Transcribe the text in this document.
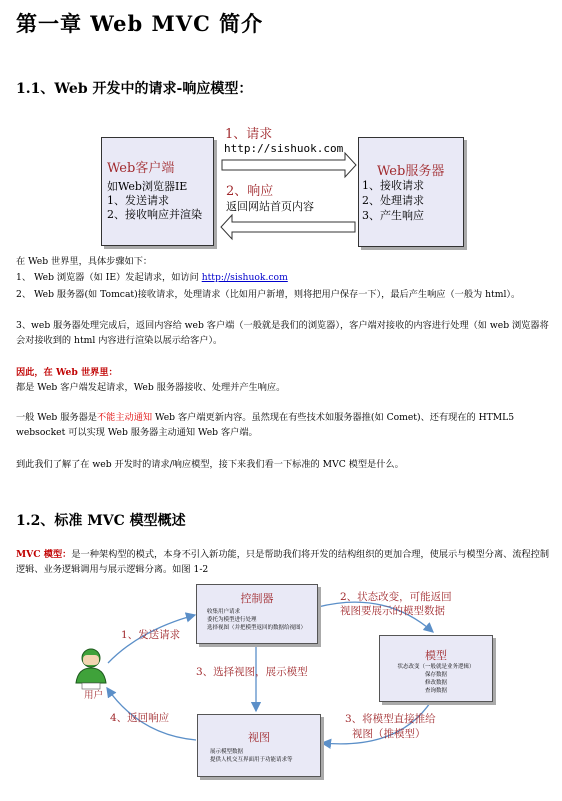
第一章 Web MVC 简介
1.1、Web 开发中的请求-响应模型：
Web客户端
如Web浏览器IE
1、发送请求
2、接收响应并渲染
Web服务器
1、接收请求
2、处理请求
3、产生响应
1、请求
http://sishuok.com
2、响应
返回网站首页内容
在 Web 世界里，具体步骤如下：
1、 Web 浏览器（如 IE）发起请求，如访问 http://sishuok.com
2、 Web 服务器(如 Tomcat)接收请求，处理请求（比如用户新增，则将把用户保存一下），最后产生响应（一般为 html）。
3、web 服务器处理完成后，返回内容给 web 客户端（一般就是我们的浏览器），客户端对接收的内容进行处理（如 web 浏览器将会对接收到的 html 内容进行渲染以展示给客户）。
因此，在 Web 世界里：
都是 Web 客户端发起请求，Web 服务器接收、处理并产生响应。
一般 Web 服务器是不能主动通知 Web 客户端更新内容。虽然现在有些技术如服务器推(如 Comet)、还有现在的 HTML5 websocket 可以实现 Web 服务器主动通知 Web 客户端。
到此我们了解了在 web 开发时的请求/响应模型，接下来我们看一下标准的 MVC 模型是什么。
1.2、标准 MVC 模型概述
MVC 模型：是一种架构型的模式，本身不引入新功能，只是帮助我们将开发的结构组织的更加合理，使展示与模型分离、流程控制逻辑、业务逻辑调用与展示逻辑分离。如图 1-2
控制器
收集用户请求
委托为模型进行处理
选择视图（并把模型返回的数据给视图）
模型
状态改变（一般就是业务逻辑）
保存数据
修改数据
查询数据
视图
展示模型数据
提供人机交互界面用于功能请求等
用户
1、发送请求
2、状态改变，可能返回
视图要展示的模型数据
3、选择视图，展示模型
3、将模型直接推给
视图（推模型）
4、返回响应
